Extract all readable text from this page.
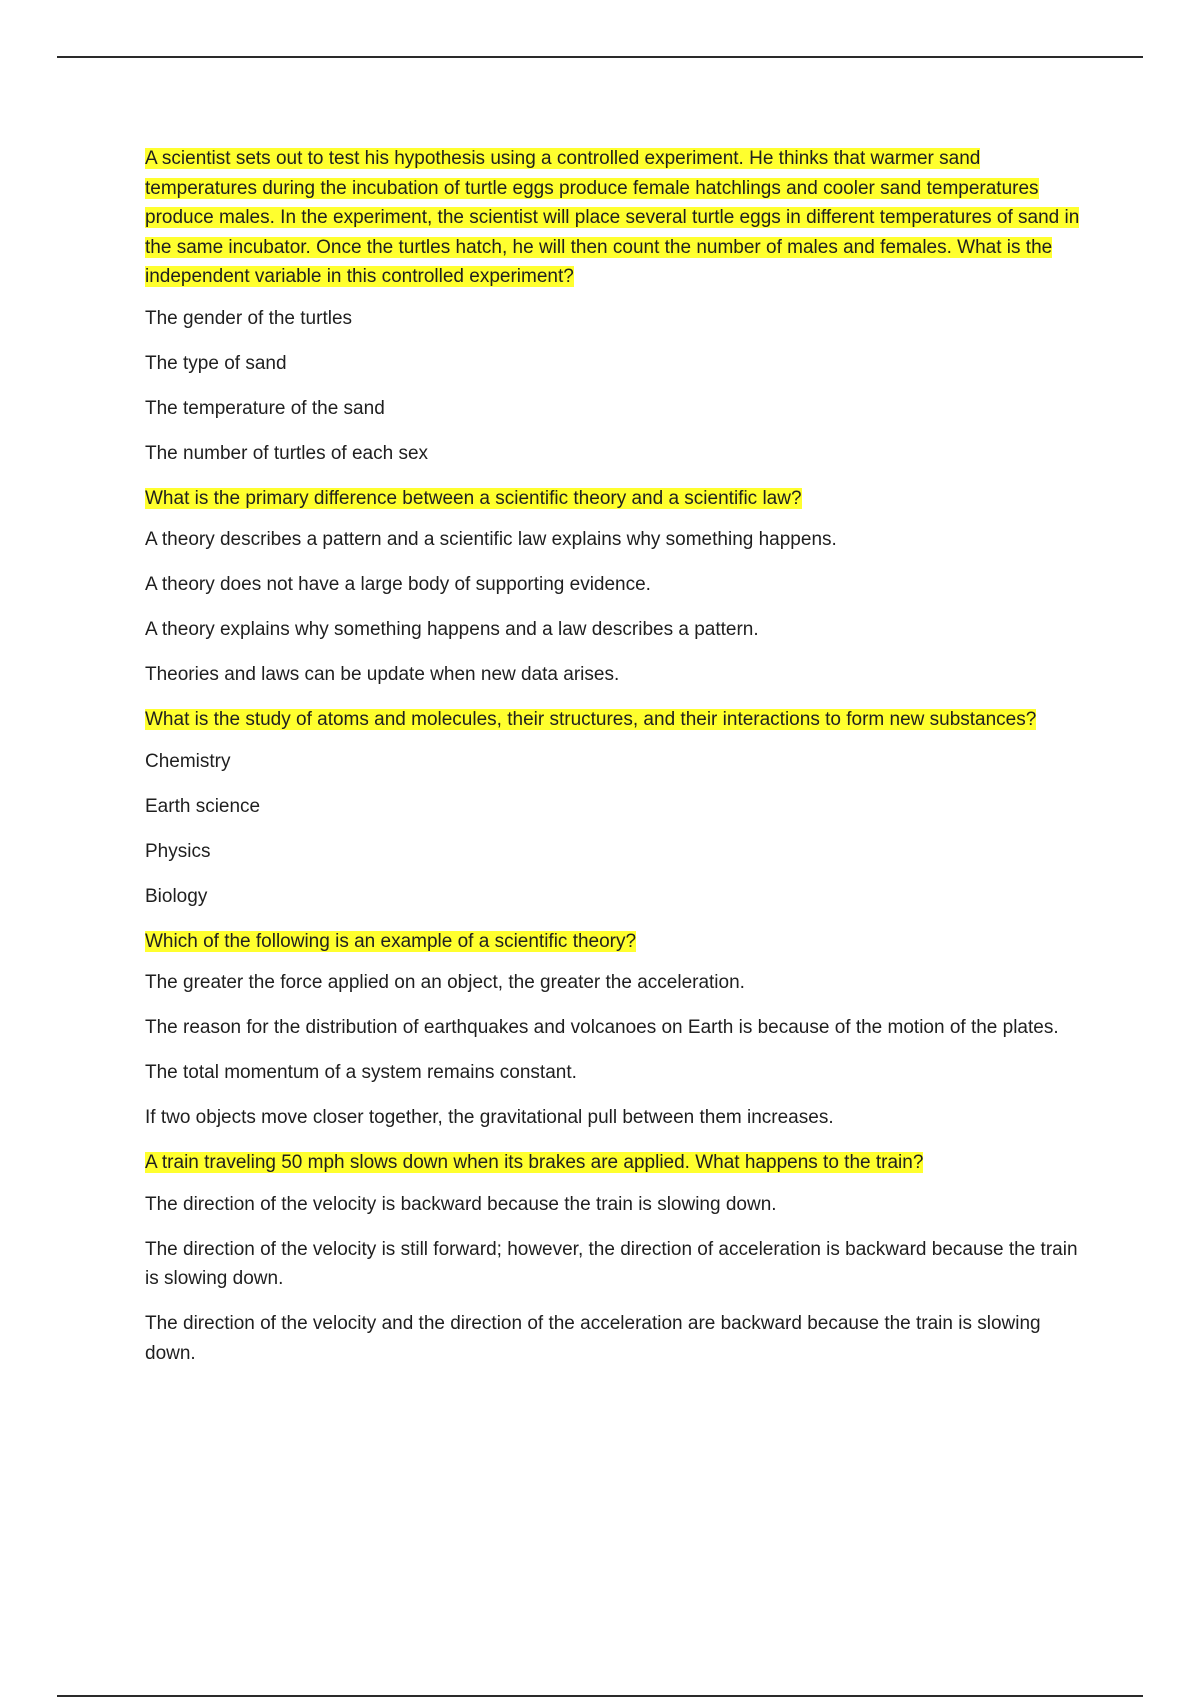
A scientist sets out to test his hypothesis using a controlled experiment. He thinks that warmer sand temperatures during the incubation of turtle eggs produce female hatchlings and cooler sand temperatures produce males. In the experiment, the scientist will place several turtle eggs in different temperatures of sand in the same incubator. Once the turtles hatch, he will then count the number of males and females. What is the independent variable in this controlled experiment?

The gender of the turtles

The type of sand

The temperature of the sand

The number of turtles of each sex

What is the primary difference between a scientific theory and a scientific law?

A theory describes a pattern and a scientific law explains why something happens.

A theory does not have a large body of supporting evidence.

A theory explains why something happens and a law describes a pattern.

Theories and laws can be update when new data arises.

What is the study of atoms and molecules, their structures, and their interactions to form new substances?

Chemistry

Earth science

Physics

Biology

Which of the following is an example of a scientific theory?

The greater the force applied on an object, the greater the acceleration.

The reason for the distribution of earthquakes and volcanoes on Earth is because of the motion of the plates.

The total momentum of a system remains constant.

If two objects move closer together, the gravitational pull between them increases.

A train traveling 50 mph slows down when its brakes are applied. What happens to the train?

The direction of the velocity is backward because the train is slowing down.

The direction of the velocity is still forward; however, the direction of acceleration is backward because the train is slowing down.

The direction of the velocity and the direction of the acceleration are backward because the train is slowing down.
